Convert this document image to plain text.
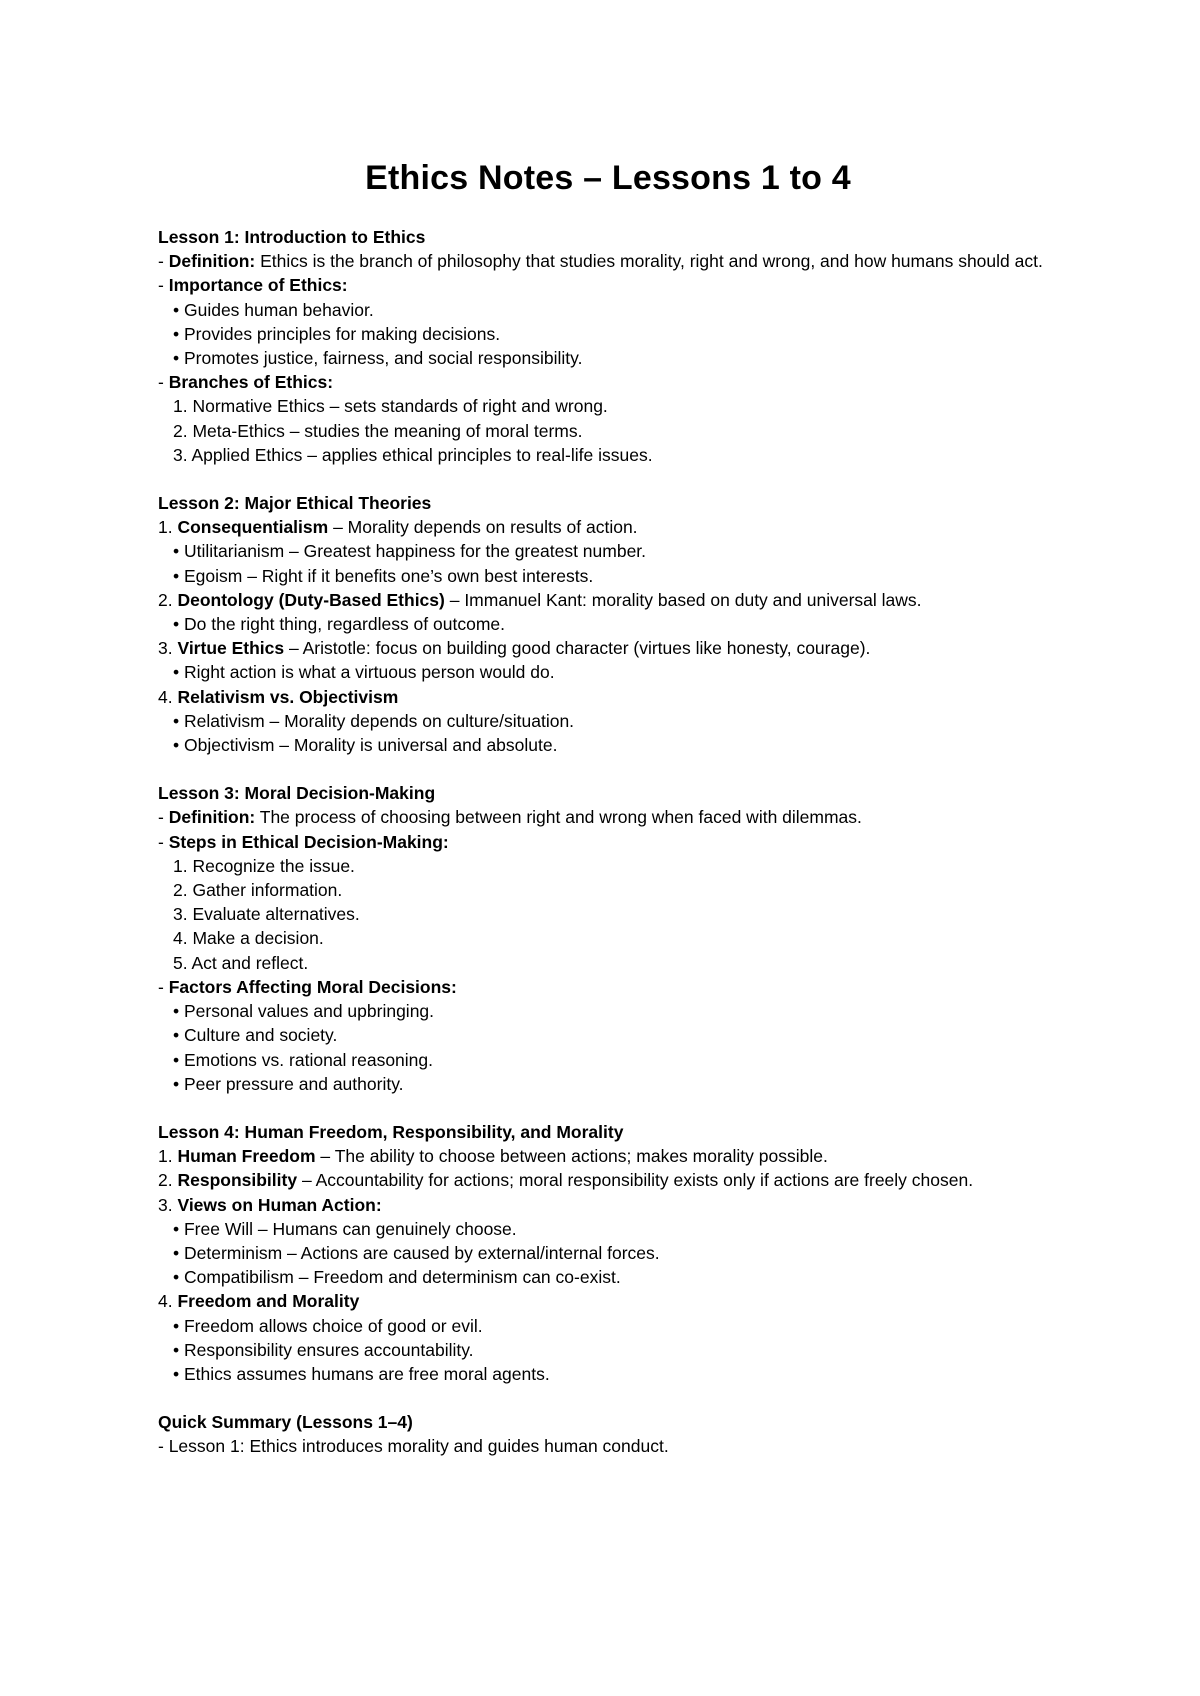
Ethics Notes – Lessons 1 to 4
Lesson 1: Introduction to Ethics
- Definition: Ethics is the branch of philosophy that studies morality, right and wrong, and how humans should act.
- Importance of Ethics:
• Guides human behavior.
• Provides principles for making decisions.
• Promotes justice, fairness, and social responsibility.
- Branches of Ethics:
1. Normative Ethics – sets standards of right and wrong.
2. Meta-Ethics – studies the meaning of moral terms.
3. Applied Ethics – applies ethical principles to real-life issues.
Lesson 2: Major Ethical Theories
1. Consequentialism – Morality depends on results of action.
• Utilitarianism – Greatest happiness for the greatest number.
• Egoism – Right if it benefits one’s own best interests.
2. Deontology (Duty-Based Ethics) – Immanuel Kant: morality based on duty and universal laws.
• Do the right thing, regardless of outcome.
3. Virtue Ethics – Aristotle: focus on building good character (virtues like honesty, courage).
• Right action is what a virtuous person would do.
4. Relativism vs. Objectivism
• Relativism – Morality depends on culture/situation.
• Objectivism – Morality is universal and absolute.
Lesson 3: Moral Decision-Making
- Definition: The process of choosing between right and wrong when faced with dilemmas.
- Steps in Ethical Decision-Making:
1. Recognize the issue.
2. Gather information.
3. Evaluate alternatives.
4. Make a decision.
5. Act and reflect.
- Factors Affecting Moral Decisions:
• Personal values and upbringing.
• Culture and society.
• Emotions vs. rational reasoning.
• Peer pressure and authority.
Lesson 4: Human Freedom, Responsibility, and Morality
1. Human Freedom – The ability to choose between actions; makes morality possible.
2. Responsibility – Accountability for actions; moral responsibility exists only if actions are freely chosen.
3. Views on Human Action:
• Free Will – Humans can genuinely choose.
• Determinism – Actions are caused by external/internal forces.
• Compatibilism – Freedom and determinism can co-exist.
4. Freedom and Morality
• Freedom allows choice of good or evil.
• Responsibility ensures accountability.
• Ethics assumes humans are free moral agents.
Quick Summary (Lessons 1–4)
- Lesson 1: Ethics introduces morality and guides human conduct.
